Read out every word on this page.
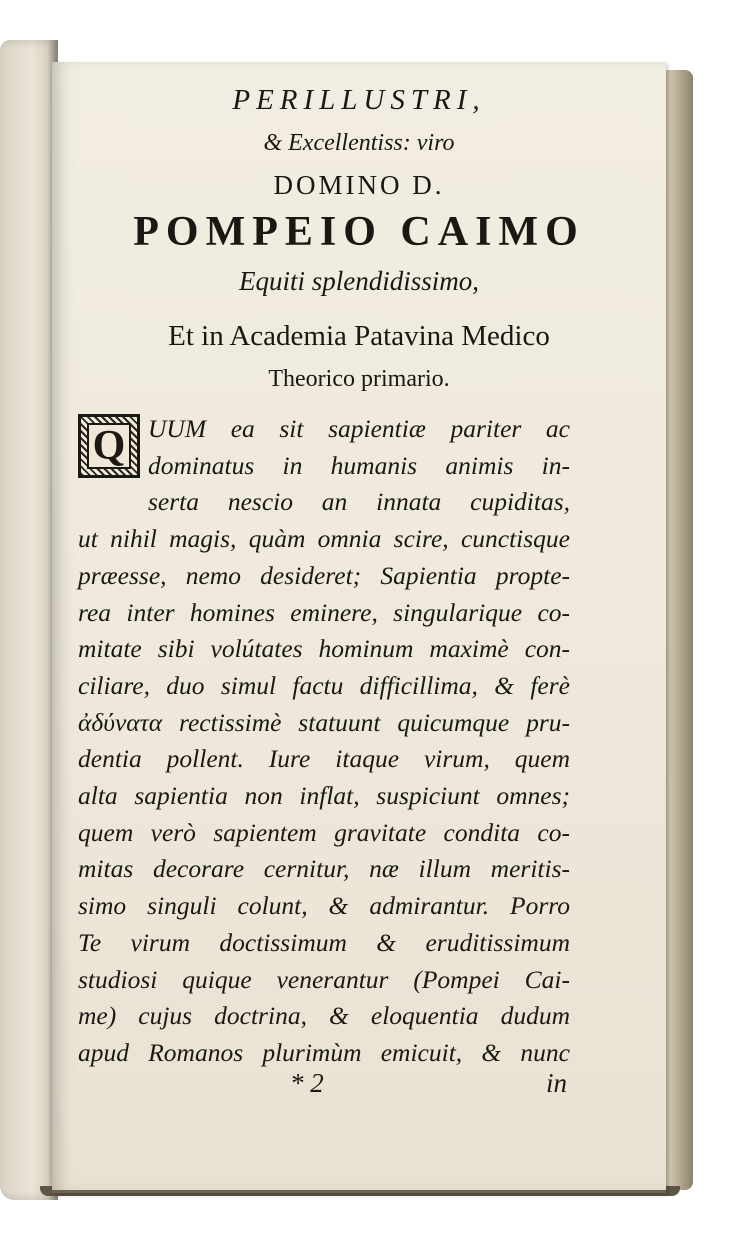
PERILLUSTRI,
& Excellentiss: viro
DOMINO D.
POMPEIO CAIMO
Equiti splendidissimo,
Et in Academia Patavina Medico
Theorico primario.
Q UUM ea sit sapientiæ pariter ac
dominatus in humanis animis in-
serta nescio an innata cupiditas,
ut nihil magis, quàm omnia scire, cunctisque
præesse, nemo desideret; Sapientia propte-
rea inter homines eminere, singularique co-
mitate sibi volútates hominum maximè con-
ciliare, duo simul factu difficillima, & ferè
ἀδύνατα rectissimè statuunt quicumque pru-
dentia pollent. Iure itaque virum, quem
alta sapientia non inflat, suspiciunt omnes;
quem verò sapientem gravitate condita co-
mitas decorare cernitur, næ illum meritis-
simo singuli colunt, & admirantur. Porro
Te virum doctissimum & eruditissimum
studiosi quique venerantur (Pompei Cai-
me) cujus doctrina, & eloquentia dudum
apud Romanos plurimùm emicuit, & nunc
* 2	in
